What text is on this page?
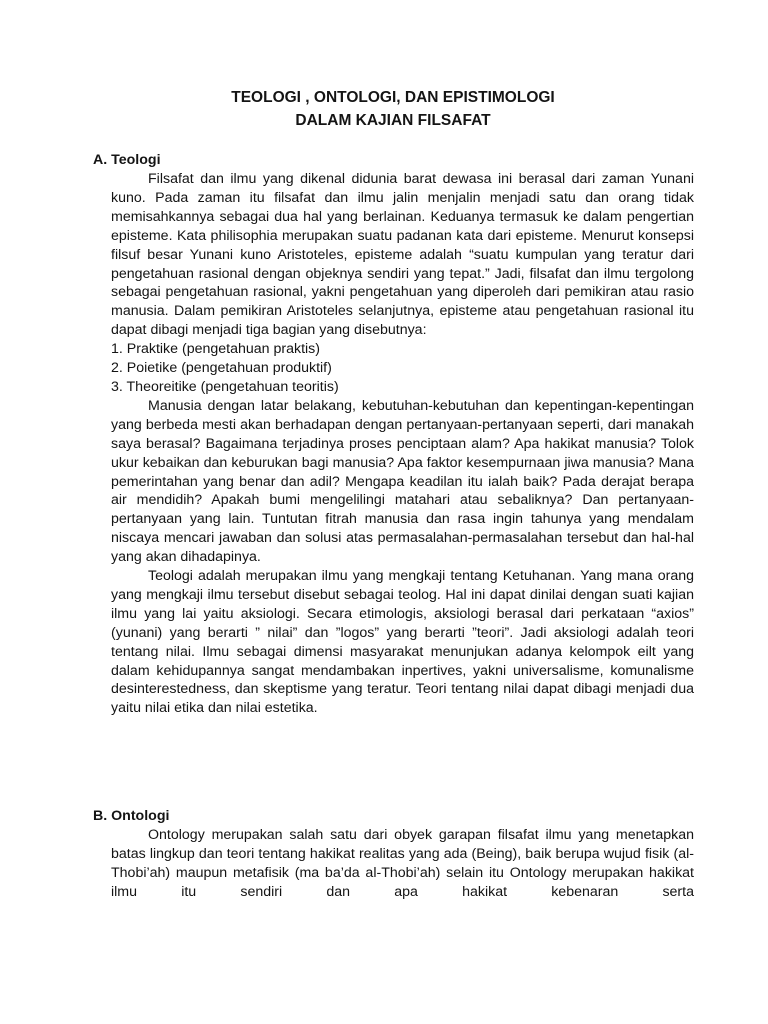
TEOLOGI , ONTOLOGI, DAN EPISTIMOLOGI
DALAM KAJIAN FILSAFAT
A. Teologi

Filsafat dan ilmu yang dikenal didunia barat dewasa ini berasal dari zaman Yunani kuno. Pada zaman itu filsafat dan ilmu jalin menjalin menjadi satu dan orang tidak memisahkannya sebagai dua hal yang berlainan. Keduanya termasuk ke dalam pengertian episteme. Kata philisophia merupakan suatu padanan kata dari episteme. Menurut konsepsi filsuf besar Yunani kuno Aristoteles, episteme adalah “suatu kumpulan yang teratur dari pengetahuan rasional dengan objeknya sendiri yang tepat.” Jadi, filsafat dan ilmu tergolong sebagai pengetahuan rasional, yakni pengetahuan yang diperoleh dari pemikiran atau rasio manusia. Dalam pemikiran Aristoteles selanjutnya, episteme atau pengetahuan rasional itu dapat dibagi menjadi tiga bagian yang disebutnya:

1. Praktike (pengetahuan praktis)
2. Poietike (pengetahuan produktif)
3. Theoreitike (pengetahuan teoritis)

Manusia dengan latar belakang, kebutuhan-kebutuhan dan kepentingan-kepentingan yang berbeda mesti akan berhadapan dengan pertanyaan-pertanyaan seperti, dari manakah saya berasal? Bagaimana terjadinya proses penciptaan alam? Apa hakikat manusia? Tolok ukur kebaikan dan keburukan bagi manusia? Apa faktor kesempurnaan jiwa manusia? Mana pemerintahan yang benar dan adil? Mengapa keadilan itu ialah baik? Pada derajat berapa air mendidih? Apakah bumi mengelilingi matahari atau sebaliknya? Dan pertanyaan-pertanyaan yang lain. Tuntutan fitrah manusia dan rasa ingin tahunya yang mendalam niscaya mencari jawaban dan solusi atas permasalahan-permasalahan tersebut dan hal-hal yang akan dihadapinya.

Teologi adalah merupakan ilmu yang mengkaji tentang Ketuhanan. Yang mana orang yang mengkaji ilmu tersebut disebut sebagai teolog. Hal ini dapat dinilai dengan suati kajian ilmu yang lai yaitu aksiologi. Secara etimologis, aksiologi berasal dari perkataan “axios” (yunani) yang berarti ” nilai” dan ”logos” yang berarti ”teori”. Jadi aksiologi adalah teori tentang nilai. Ilmu sebagai dimensi masyarakat menunjukan adanya kelompok eilt yang dalam kehidupannya sangat mendambakan inpertives, yakni universalisme, komunalisme desinterestedness, dan skeptisme yang teratur. Teori tentang nilai dapat dibagi menjadi dua yaitu nilai etika dan nilai estetika.

B. Ontologi

Ontology merupakan salah satu dari obyek garapan filsafat ilmu yang menetapkan batas lingkup dan teori tentang hakikat realitas yang ada (Being), baik berupa wujud fisik (al-Thobi’ah) maupun metafisik (ma ba’da al-Thobi’ah) selain itu Ontology merupakan hakikat ilmu itu sendiri dan apa hakikat kebenaran serta
